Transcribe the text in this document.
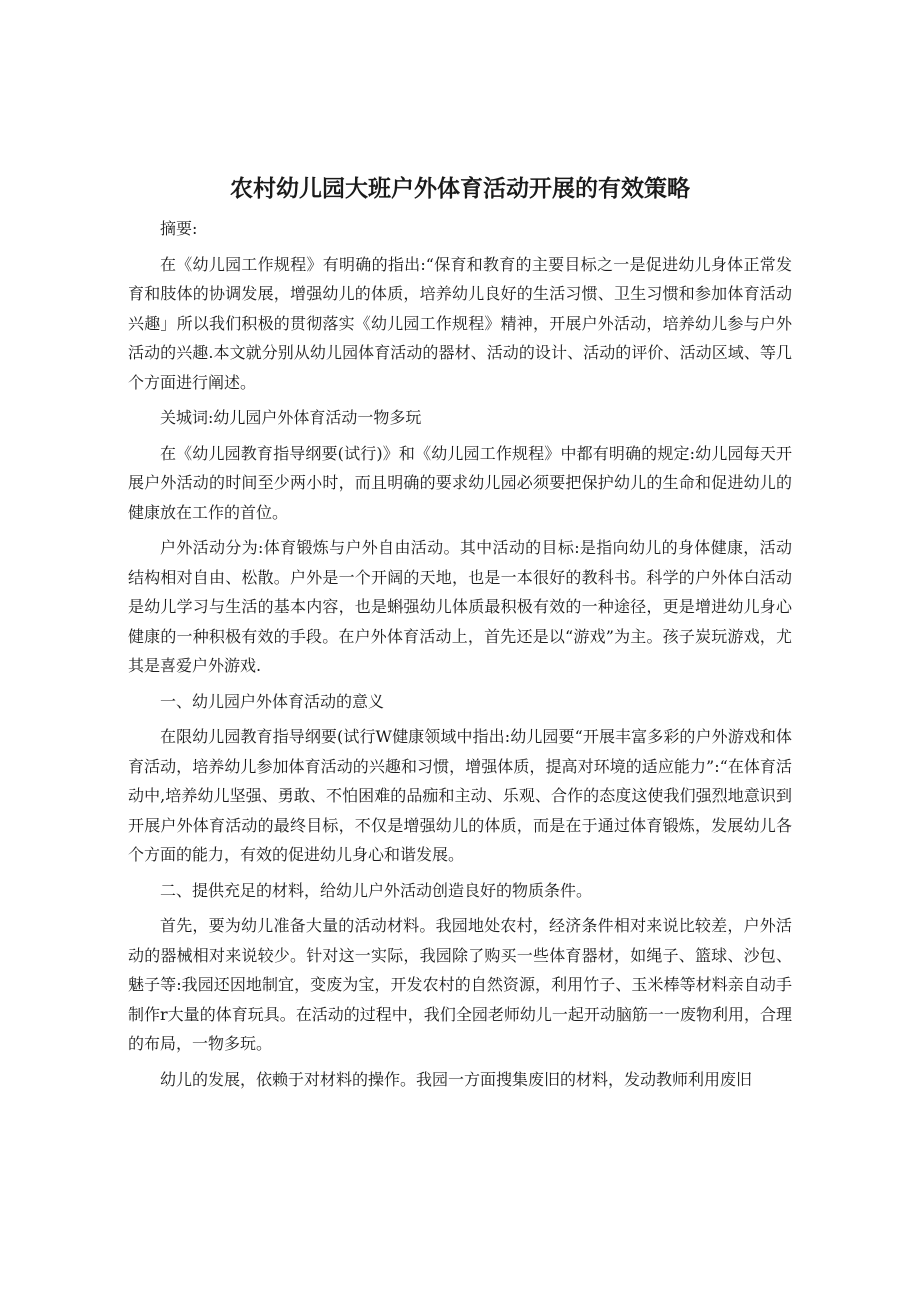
农村幼儿园大班户外体育活动开展的有效策略

摘要:

在《幼儿园工作规程》有明确的指出:“保育和教育的主要目标之一是促进幼儿身体正常发育和肢体的协调发展，增强幼儿的体质，培养幼儿良好的生活习惯、卫生习惯和参加体育活动兴趣」所以我们积极的贯彻落实《幼儿园工作规程》精神，开展户外活动，培养幼儿参与户外活动的兴趣.本文就分别从幼儿园体育活动的器材、活动的设计、活动的评价、活动区域、等几个方面进行阐述。

关城词:幼儿园户外体育活动一物多玩

在《幼儿园教育指导纲要(试行)》和《幼儿园工作规程》中都有明确的规定:幼儿园每天开展户外活动的时间至少两小时，而且明确的要求幼儿园必须要把保护幼儿的生命和促进幼儿的健康放在工作的首位。

户外活动分为:体育锻炼与户外自由活动。其中活动的目标:是指向幼儿的身体健康，活动结构相对自由、松散。户外是一个开阔的天地，也是一本很好的教科书。科学的户外体白活动是幼儿学习与生活的基本内容，也是蝌强幼儿体质最积极有效的一种途径，更是增进幼儿身心健康的一种积极有效的手段。在户外体育活动上，首先还是以“游戏”为主。孩子炭玩游戏，尤其是喜爱户外游戏.

一、幼儿园户外体育活动的意义

在限幼儿园教育指导纲要(试行W健康领域中指出:幼儿园要“开展丰富多彩的户外游戏和体育活动，培养幼儿参加体育活动的兴趣和习惯，增强体质，提高对环境的适应能力”:“在体育活动中,培养幼儿坚强、勇敢、不怕困难的品痂和主动、乐观、合作的态度这使我们强烈地意识到开展户外体育活动的最终目标，不仅是增强幼儿的体质，而是在于通过体育锻炼，发展幼儿各个方面的能力，有效的促进幼儿身心和谐发展。

二、提供充足的材料，给幼儿户外活动创造良好的物质条件。

首先，要为幼儿准备大量的活动材料。我园地处农村，经济条件相对来说比较差，户外活动的器械相对来说较少。针对这一实际，我园除了购买一些体育器材，如绳子、篮球、沙包、魅子等:我园还因地制宜，变废为宝，开发农村的自然资源，利用竹子、玉米棒等材料亲自动手制作r大量的体育玩具。在活动的过程中，我们全园老师幼儿一起开动脑筋一一废物利用，合理的布局，一物多玩。

幼儿的发展，依赖于对材料的操作。我园一方面搜集废旧的材料，发动教师利用废旧
